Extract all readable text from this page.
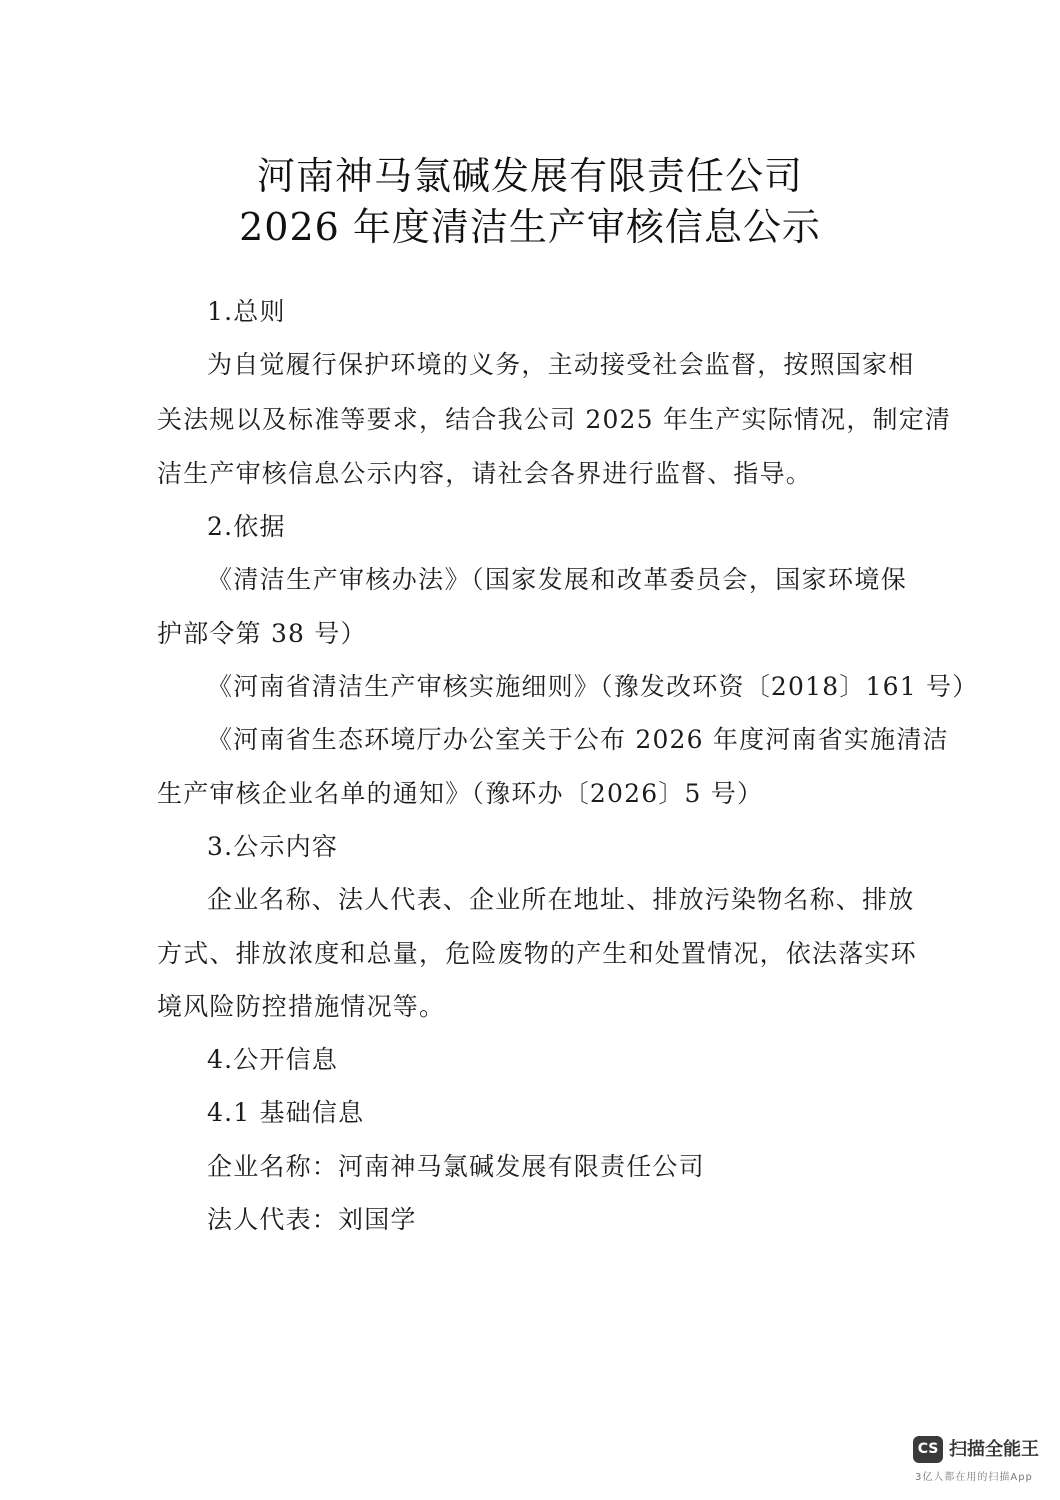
河南神马氯碱发展有限责任公司
2026 年度清洁生产审核信息公示
1.总则
为自觉履行保护环境的义务，主动接受社会监督，按照国家相
关法规以及标准等要求，结合我公司 2025 年生产实际情况，制定清
洁生产审核信息公示内容，请社会各界进行监督、指导。
2.依据
《清洁生产审核办法》（国家发展和改革委员会，国家环境保
护部令第 38 号）
《河南省清洁生产审核实施细则》（豫发改环资〔2018〕161 号）
《河南省生态环境厅办公室关于公布 2026 年度河南省实施清洁
生产审核企业名单的通知》（豫环办〔2026〕5 号）
3.公示内容
企业名称、法人代表、企业所在地址、排放污染物名称、排放
方式、排放浓度和总量，危险废物的产生和处置情况，依法落实环
境风险防控措施情况等。
4.公开信息
4.1 基础信息
企业名称：河南神马氯碱发展有限责任公司
法人代表：刘国学
CS 扫描全能王
3亿人都在用的扫描App
